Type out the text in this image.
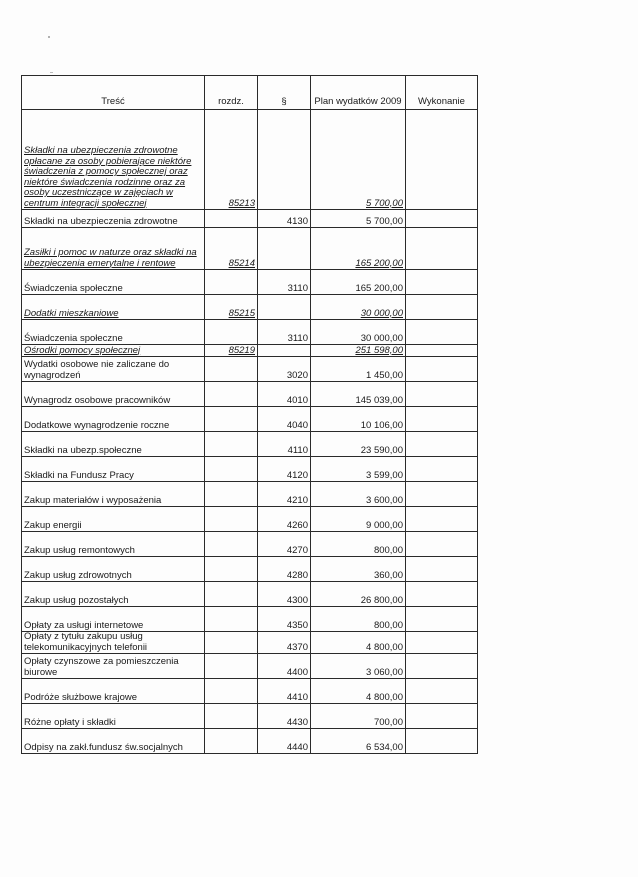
Treść	rozdz.	§	Plan wydatków 2009	Wykonanie
Składki na ubezpieczenia zdrowotne opłacane za osoby pobierające niektóre świadczenia z pomocy społecznej oraz niektóre świadczenia rodzinne oraz za osoby uczestniczące w zajęciach w centrum integracji społecznej	85213		5 700,00	
Składki na ubezpieczenia zdrowotne		4130	5 700,00	
Zasiłki i pomoc w naturze oraz składki na ubezpieczenia emerytalne i rentowe	85214		165 200,00	
Świadczenia społeczne		3110	165 200,00	
Dodatki mieszkaniowe	85215		30 000,00	
Świadczenia społeczne		3110	30 000,00	
Ośrodki pomocy społecznej	85219		251 598,00	
Wydatki osobowe nie zaliczane do wynagrodzeń		3020	1 450,00	
Wynagrodz osobowe pracowników		4010	145 039,00	
Dodatkowe wynagrodzenie roczne		4040	10 106,00	
Składki na ubezp.społeczne		4110	23 590,00	
Składki na Fundusz Pracy		4120	3 599,00	
Zakup materiałów i wyposażenia		4210	3 600,00	
Zakup energii		4260	9 000,00	
Zakup usług remontowych		4270	800,00	
Zakup usług zdrowotnych		4280	360,00	
Zakup usług pozostałych		4300	26 800,00	
Opłaty za usługi internetowe		4350	800,00	
Opłaty z tytułu zakupu usług telekomunikacyjnych telefonii		4370	4 800,00	
Opłaty czynszowe za pomieszczenia biurowe		4400	3 060,00	
Podróże służbowe krajowe		4410	4 800,00	
Różne opłaty i składki		4430	700,00	
Odpisy na zakł.fundusz św.socjalnych		4440	6 534,00	
